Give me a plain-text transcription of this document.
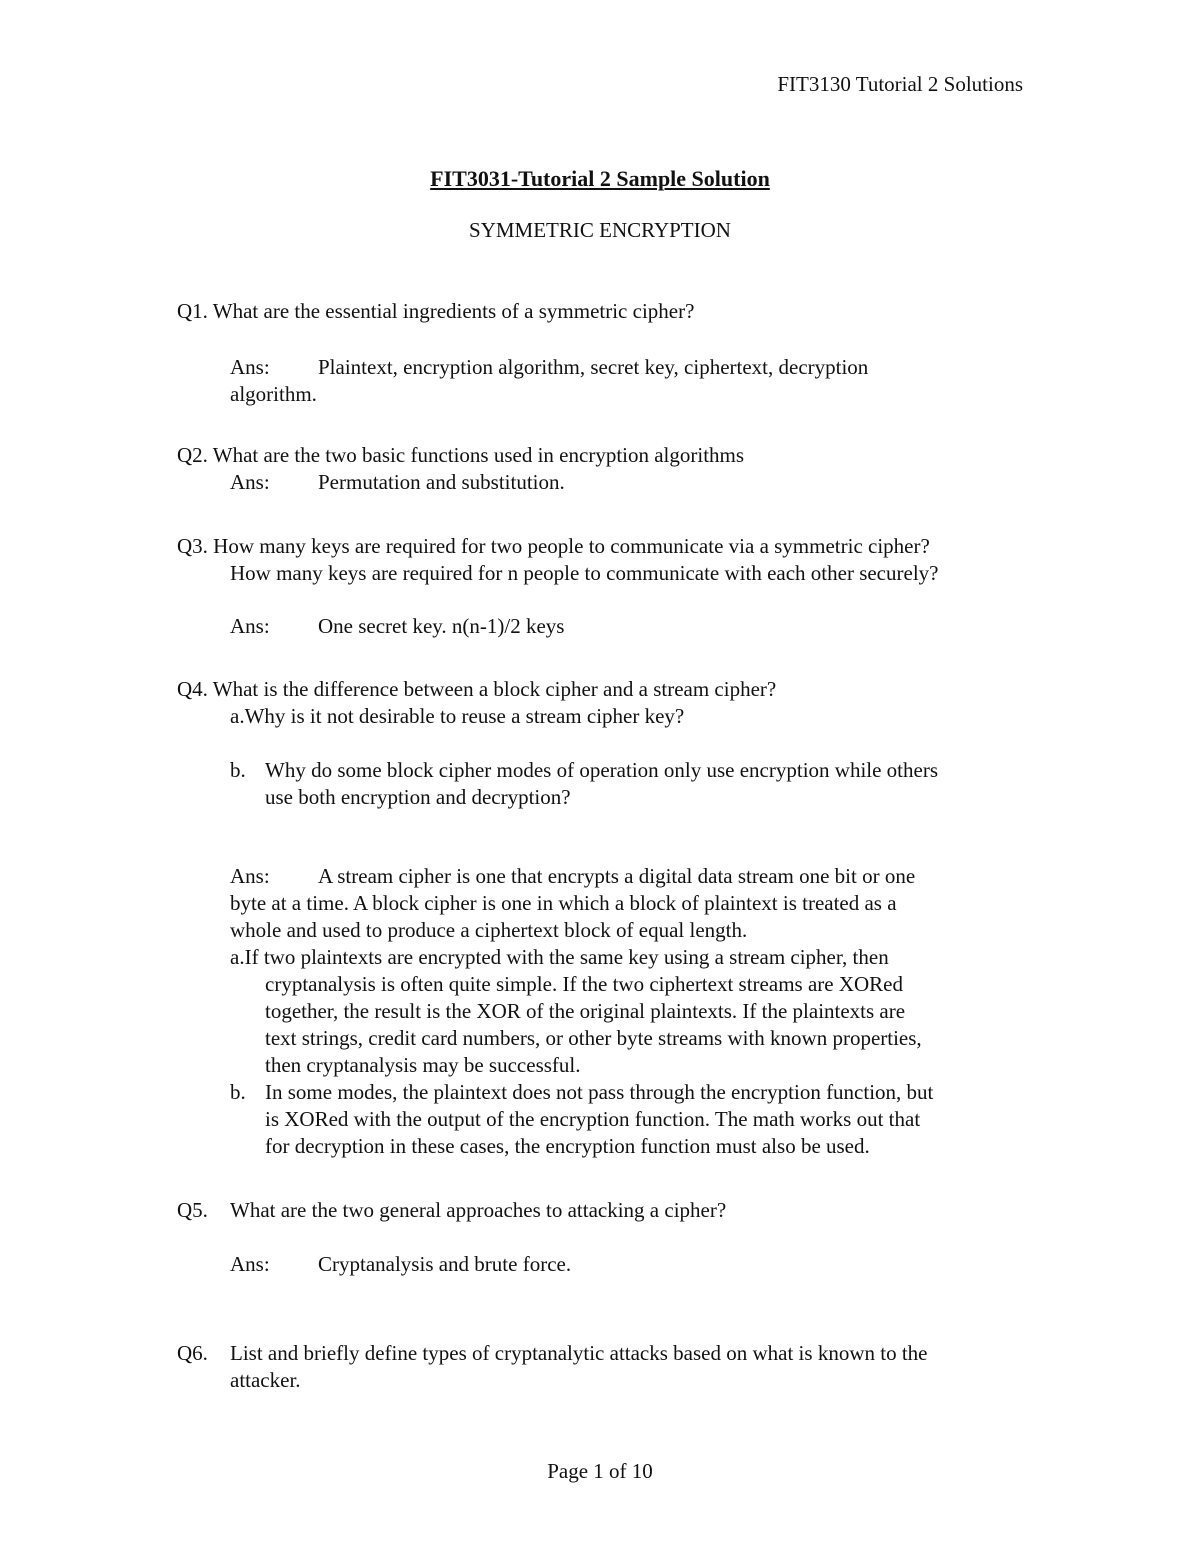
FIT3130 Tutorial 2 Solutions
FIT3031-Tutorial 2 Sample Solution
SYMMETRIC ENCRYPTION
Q1. What are the essential ingredients of a symmetric cipher?
Ans: Plaintext, encryption algorithm, secret key, ciphertext, decryption
algorithm.
Q2. What are the two basic functions used in encryption algorithms
Ans: Permutation and substitution.
Q3. How many keys are required for two people to communicate via a symmetric cipher?
How many keys are required for n people to communicate with each other securely?
Ans: One secret key. n(n-1)/2 keys
Q4. What is the difference between a block cipher and a stream cipher?
a.Why is it not desirable to reuse a stream cipher key?
b. Why do some block cipher modes of operation only use encryption while others
use both encryption and decryption?
Ans: A stream cipher is one that encrypts a digital data stream one bit or one
byte at a time. A block cipher is one in which a block of plaintext is treated as a
whole and used to produce a ciphertext block of equal length.
a.If two plaintexts are encrypted with the same key using a stream cipher, then
cryptanalysis is often quite simple. If the two ciphertext streams are XORed
together, the result is the XOR of the original plaintexts. If the plaintexts are
text strings, credit card numbers, or other byte streams with known properties,
then cryptanalysis may be successful.
b. In some modes, the plaintext does not pass through the encryption function, but
is XORed with the output of the encryption function. The math works out that
for decryption in these cases, the encryption function must also be used.
Q5. What are the two general approaches to attacking a cipher?
Ans: Cryptanalysis and brute force.
Q6. List and briefly define types of cryptanalytic attacks based on what is known to the
attacker.
Page 1 of 10
